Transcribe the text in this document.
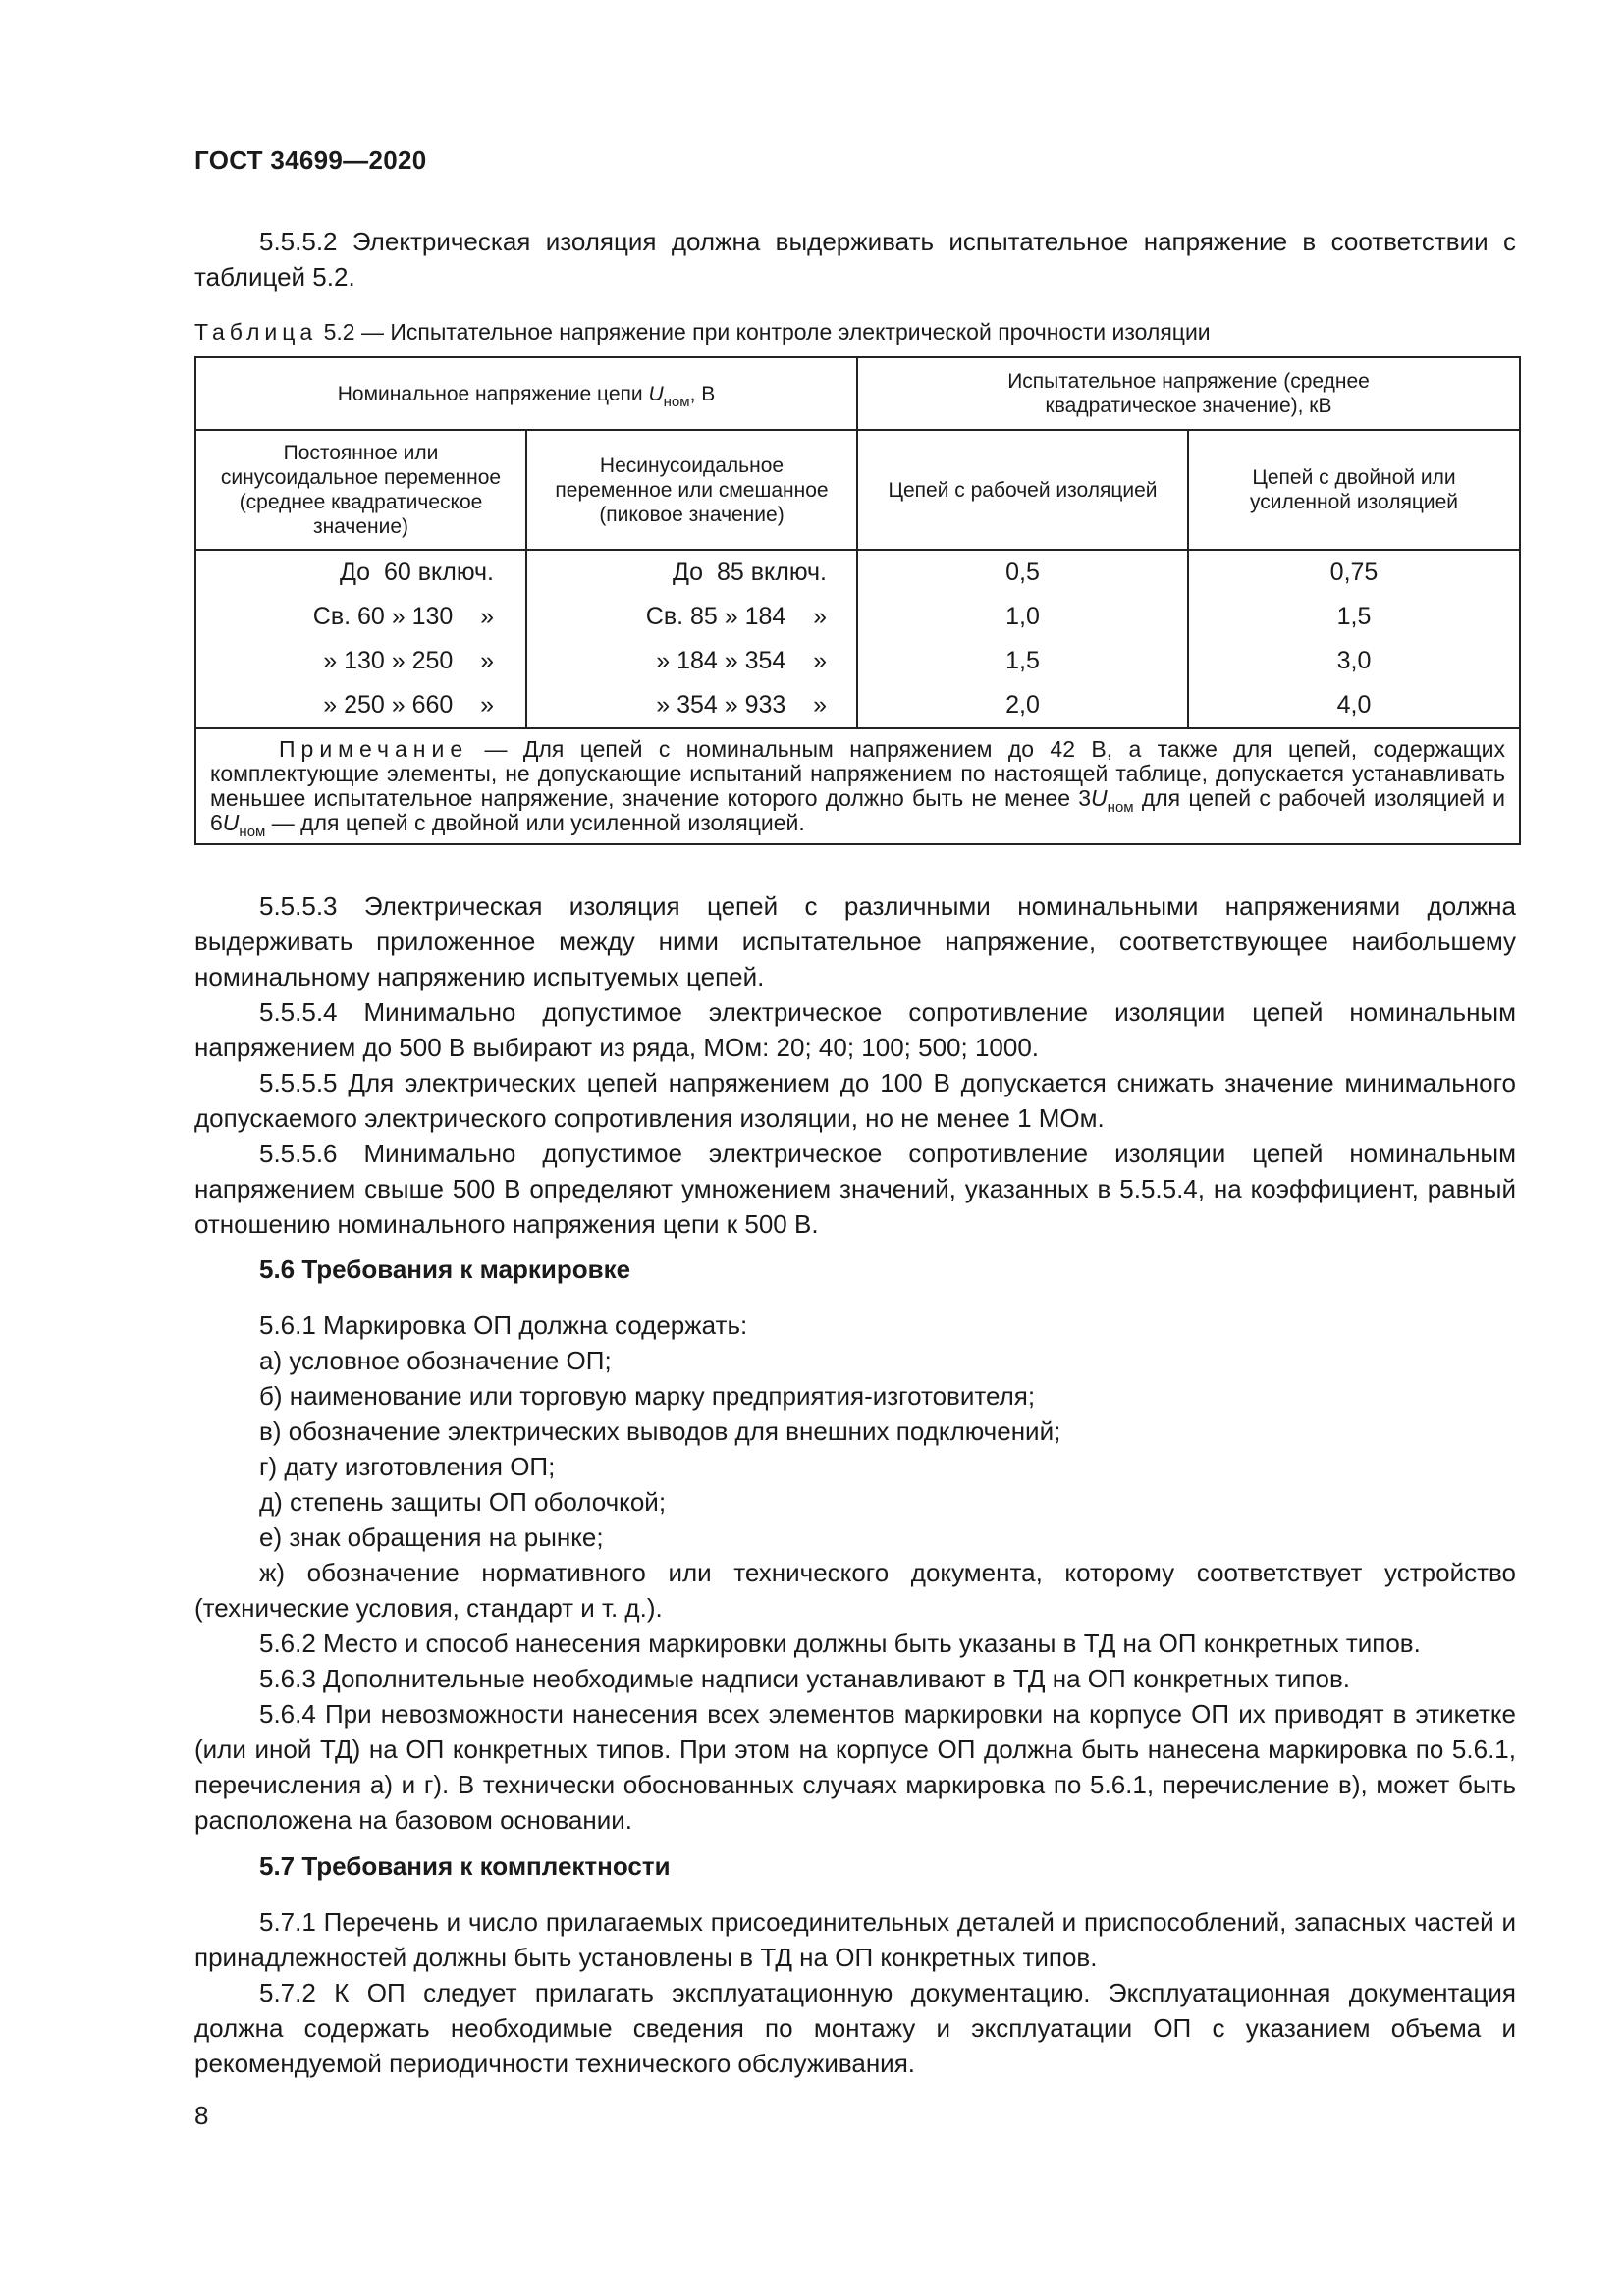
ГОСТ 34699—2020
5.5.5.2 Электрическая изоляция должна выдерживать испытательное напряжение в соответствии с таблицей 5.2.
Таблица 5.2 — Испытательное напряжение при контроле электрической прочности изоляции
Номинальное напряжение цепи $U_{ном}$, В		Испытательное напряжение (среднее квадратическое значение), кВ	

Постоянное или синусоидальное переменное (среднее квадратическое значение)	Несинусоидальное переменное или смешанное (пиковое значение)	Цепей с рабочей изоляцией	Цепей с двойной или усиленной изоляцией

До  60 включ.	До  85 включ.	0,5	0,75
Св. 60 » 130    »	Св. 85 » 184    »	1,0	1,5
» 130 » 250    »	» 184 » 354    »	1,5	3,0
» 250 » 660    »	» 354 » 933    »	2,0	4,0
Примечание — Для цепей с номинальным напряжением до 42 В, а также для цепей, содержащих комплектующие элементы, не допускающие испытаний напряжением по настоящей таблице, допускается устанавливать меньшее испытательное напряжение, значение которого должно быть не менее $3U_{ном}$ для цепей с рабочей изоляцией и $6U_{ном}$ — для цепей с двойной или усиленной изоляцией.			
5.5.5.3 Электрическая изоляция цепей с различными номинальными напряжениями должна выдерживать приложенное между ними испытательное напряжение, соответствующее наибольшему номинальному напряжению испытуемых цепей.
5.5.5.4 Минимально допустимое электрическое сопротивление изоляции цепей номинальным напряжением до 500 В выбирают из ряда, МОм: 20; 40; 100; 500; 1000.
5.5.5.5 Для электрических цепей напряжением до 100 В допускается снижать значение минимального допускаемого электрического сопротивления изоляции, но не менее 1 МОм.
5.5.5.6 Минимально допустимое электрическое сопротивление изоляции цепей номинальным напряжением свыше 500 В определяют умножением значений, указанных в 5.5.5.4, на коэффициент, равный отношению номинального напряжения цепи к 500 В.
5.6 Требования к маркировке
5.6.1 Маркировка ОП должна содержать:
а) условное обозначение ОП;
б) наименование или торговую марку предприятия-изготовителя;
в) обозначение электрических выводов для внешних подключений;
г) дату изготовления ОП;
д) степень защиты ОП оболочкой;
е) знак обращения на рынке;
ж) обозначение нормативного или технического документа, которому соответствует устройство (технические условия, стандарт и т. д.).
5.6.2 Место и способ нанесения маркировки должны быть указаны в ТД на ОП конкретных типов.
5.6.3 Дополнительные необходимые надписи устанавливают в ТД на ОП конкретных типов.
5.6.4 При невозможности нанесения всех элементов маркировки на корпусе ОП их приводят в этикетке (или иной ТД) на ОП конкретных типов. При этом на корпусе ОП должна быть нанесена маркировка по 5.6.1, перечисления а) и г). В технически обоснованных случаях маркировка по 5.6.1, перечисление в), может быть расположена на базовом основании.
5.7 Требования к комплектности
5.7.1 Перечень и число прилагаемых присоединительных деталей и приспособлений, запасных частей и принадлежностей должны быть установлены в ТД на ОП конкретных типов.
5.7.2 К ОП следует прилагать эксплуатационную документацию. Эксплуатационная документация должна содержать необходимые сведения по монтажу и эксплуатации ОП с указанием объема и рекомендуемой периодичности технического обслуживания.
8
